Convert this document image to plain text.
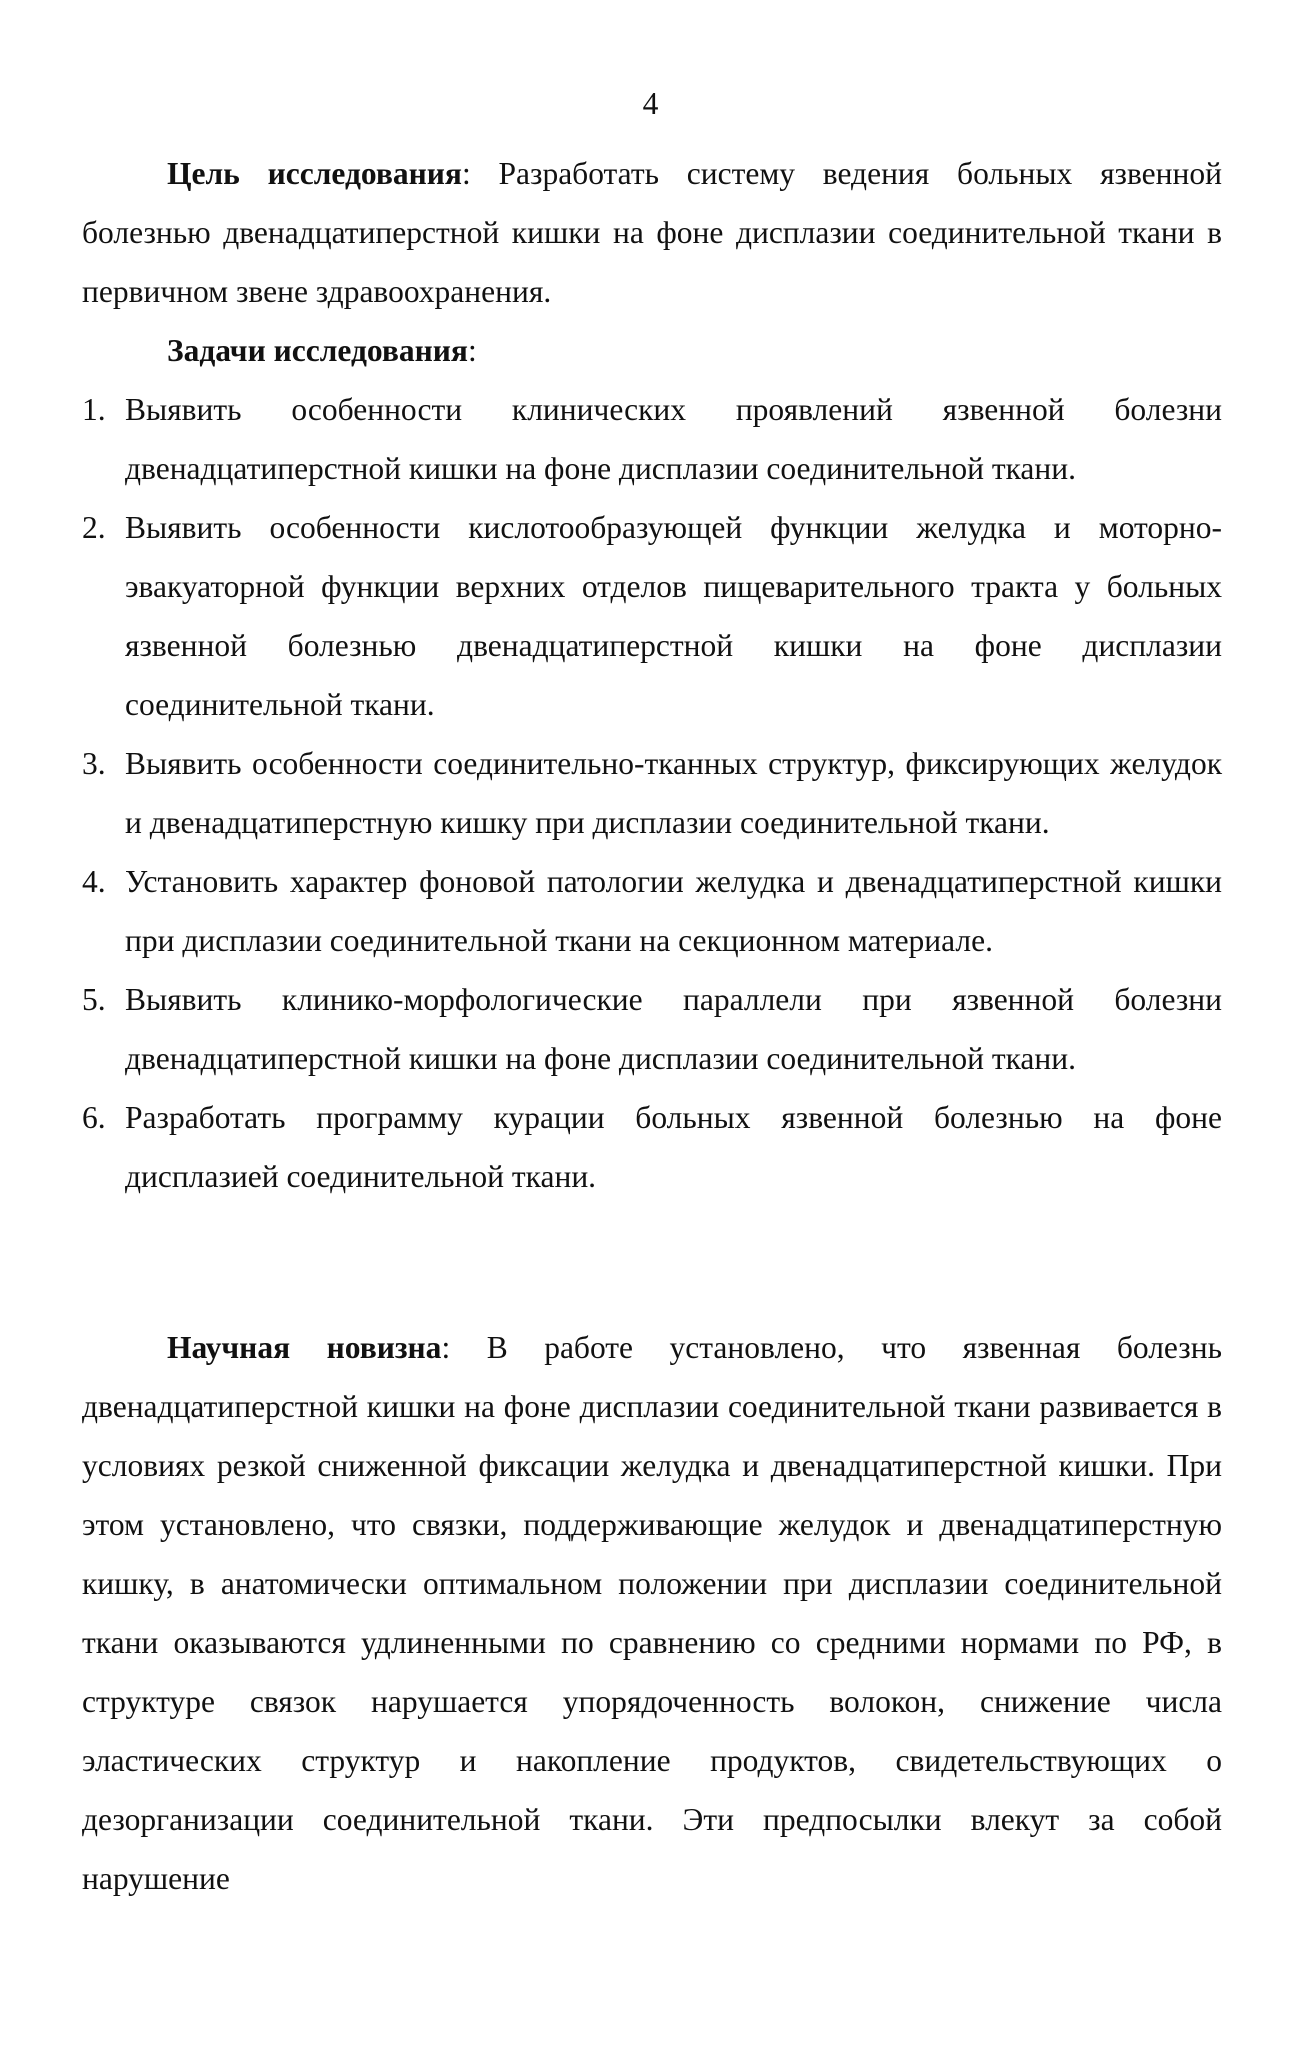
4

Цель исследования: Разработать систему ведения больных язвенной болезнью двенадцатиперстной кишки на фоне дисплазии соединительной ткани в первичном звене здравоохранения.

Задачи исследования:
1. Выявить особенности клинических проявлений язвенной болезни двенадцатиперстной кишки на фоне дисплазии соединительной ткани.
2. Выявить особенности кислотообразующей функции желудка и моторно-эвакуаторной функции верхних отделов пищеварительного тракта у больных язвенной болезнью двенадцатиперстной кишки на фоне дисплазии соединительной ткани.
3. Выявить особенности соединительно-тканных структур, фиксирующих желудок и двенадцатиперстную кишку при дисплазии соединительной ткани.
4. Установить характер фоновой патологии желудка и двенадцатиперстной кишки при дисплазии соединительной ткани на секционном материале.
5. Выявить клинико-морфологические параллели при язвенной болезни двенадцатиперстной кишки на фоне дисплазии соединительной ткани.
6. Разработать программу курации больных язвенной болезнью на фоне дисплазией соединительной ткани.

Научная новизна: В работе установлено, что язвенная болезнь двенадцатиперстной кишки на фоне дисплазии соединительной ткани развивается в условиях резкой сниженной фиксации желудка и двенадцатиперстной кишки. При этом установлено, что связки, поддерживающие желудок и двенадцатиперстную кишку, в анатомически оптимальном положении при дисплазии соединительной ткани оказываются удлиненными по сравнению со средними нормами по РФ, в структуре связок нарушается упорядоченность волокон, снижение числа эластических структур и накопление продуктов, свидетельствующих о дезорганизации соединительной ткани. Эти предпосылки влекут за собой нарушение
